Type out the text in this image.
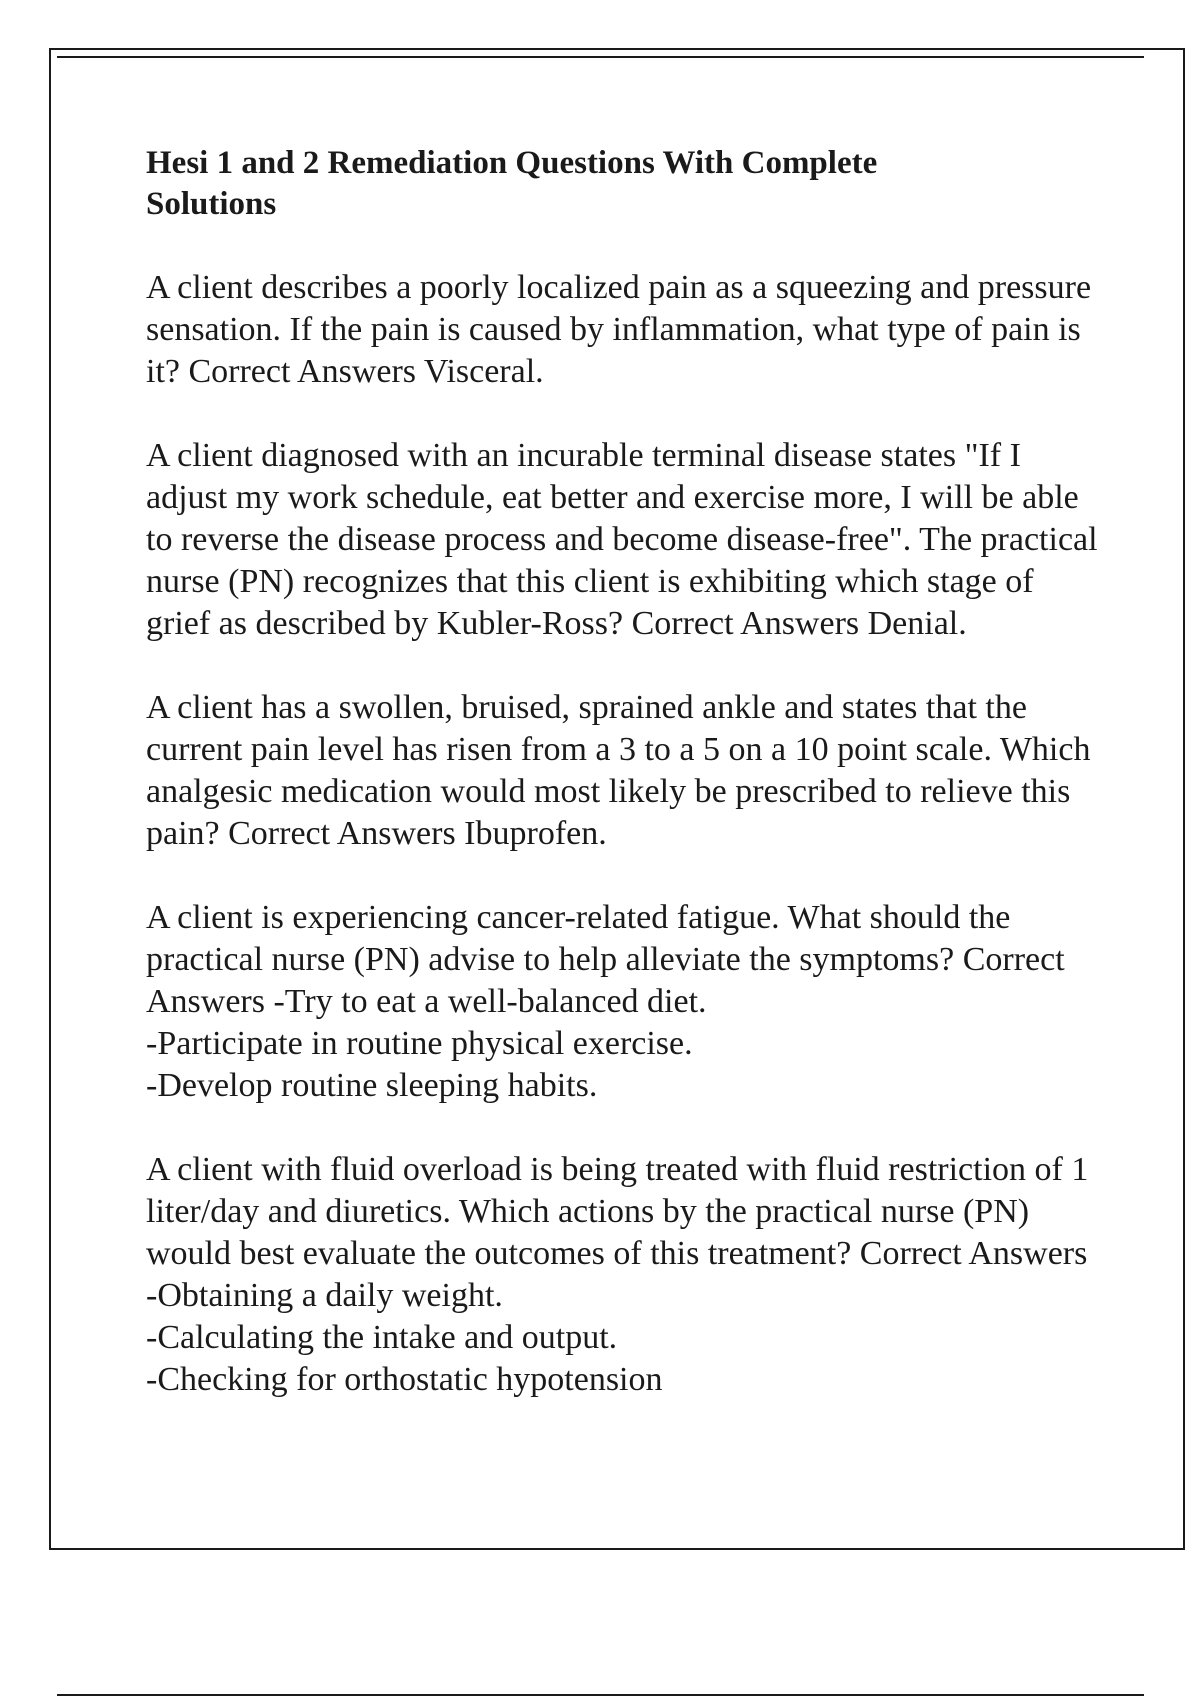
Hesi 1 and 2 Remediation Questions With Complete Solutions

A client describes a poorly localized pain as a squeezing and pressure sensation. If the pain is caused by inflammation, what type of pain is it? Correct Answers Visceral.

A client diagnosed with an incurable terminal disease states "If I adjust my work schedule, eat better and exercise more, I will be able to reverse the disease process and become disease-free". The practical nurse (PN) recognizes that this client is exhibiting which stage of grief as described by Kubler-Ross? Correct Answers Denial.

A client has a swollen, bruised, sprained ankle and states that the current pain level has risen from a 3 to a 5 on a 10 point scale. Which analgesic medication would most likely be prescribed to relieve this pain? Correct Answers Ibuprofen.

A client is experiencing cancer-related fatigue. What should the practical nurse (PN) advise to help alleviate the symptoms? Correct Answers -Try to eat a well-balanced diet.
-Participate in routine physical exercise.
-Develop routine sleeping habits.

A client with fluid overload is being treated with fluid restriction of 1 liter/day and diuretics. Which actions by the practical nurse (PN) would best evaluate the outcomes of this treatment? Correct Answers -Obtaining a daily weight.
-Calculating the intake and output.
-Checking for orthostatic hypotension
